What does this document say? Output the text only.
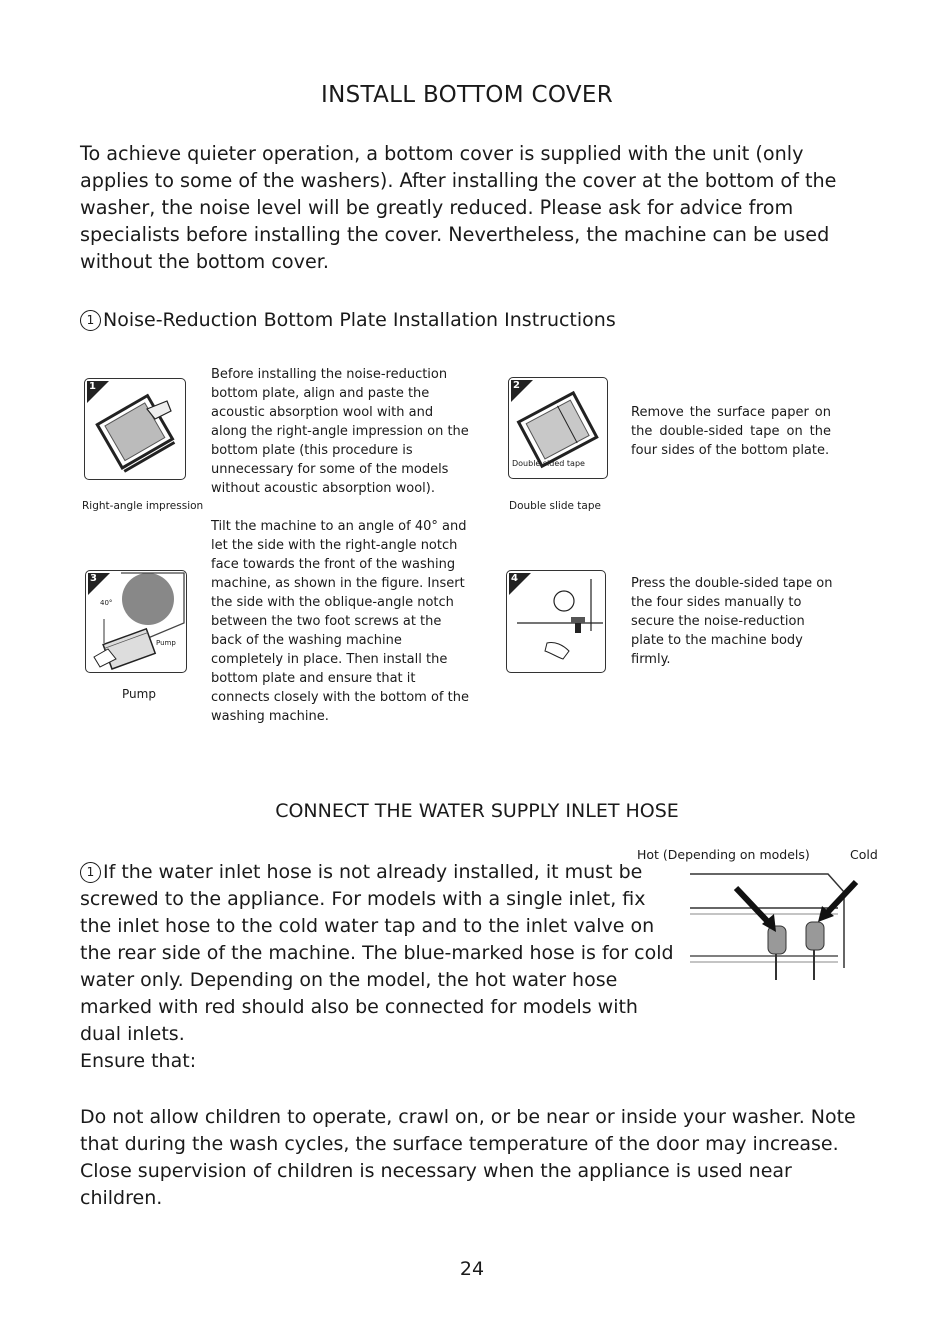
INSTALL BOTTOM COVER
To achieve quieter operation, a bottom cover is supplied with the unit (only applies to some of the washers). After installing the cover at the bottom of the washer, the noise level will be greatly reduced. Please ask for advice from specialists before installing the cover. Nevertheless, the machine can be used without the bottom cover.
1 Noise-Reduction Bottom Plate Installation Instructions
1
Right-angle impression
Before installing the noise-reduction bottom plate, align and paste the acoustic absorption wool with and along the right-angle impression on the bottom plate (this procedure is unnecessary for some of the models without acoustic absorption wool).
2
Double sided tape
Double slide tape
Remove the surface paper on the double-sided tape on the four sides of the bottom plate.
3
40°
Pump
Pump
Tilt the machine to an angle of 40° and let the side with the right-angle notch face towards the front of the washing machine, as shown in the figure. Insert the side with the oblique-angle notch between the two foot screws at the back of the washing machine completely in place. Then install the bottom plate and ensure that it connects closely with the bottom of the washing machine.
4	Press the double-sided tape on the four sides manually to secure the noise-reduction plate to the machine body firmly.
CONNECT THE WATER SUPPLY INLET HOSE
Hot (Depending on models)	Cold
1 If the water inlet hose is not already installed, it must be screwed to the appliance. For models with a single inlet, fix the inlet hose to the cold water tap and to the inlet valve on the rear side of the machine. The blue-marked hose is for cold water only. Depending on the model, the hot water hose marked with red should also be connected for models with dual inlets.
Ensure that:
Do not allow children to operate, crawl on, or be near or inside your washer. Note that during the wash cycles, the surface temperature of the door may increase. Close supervision of children is necessary when the appliance is used near children.
24
